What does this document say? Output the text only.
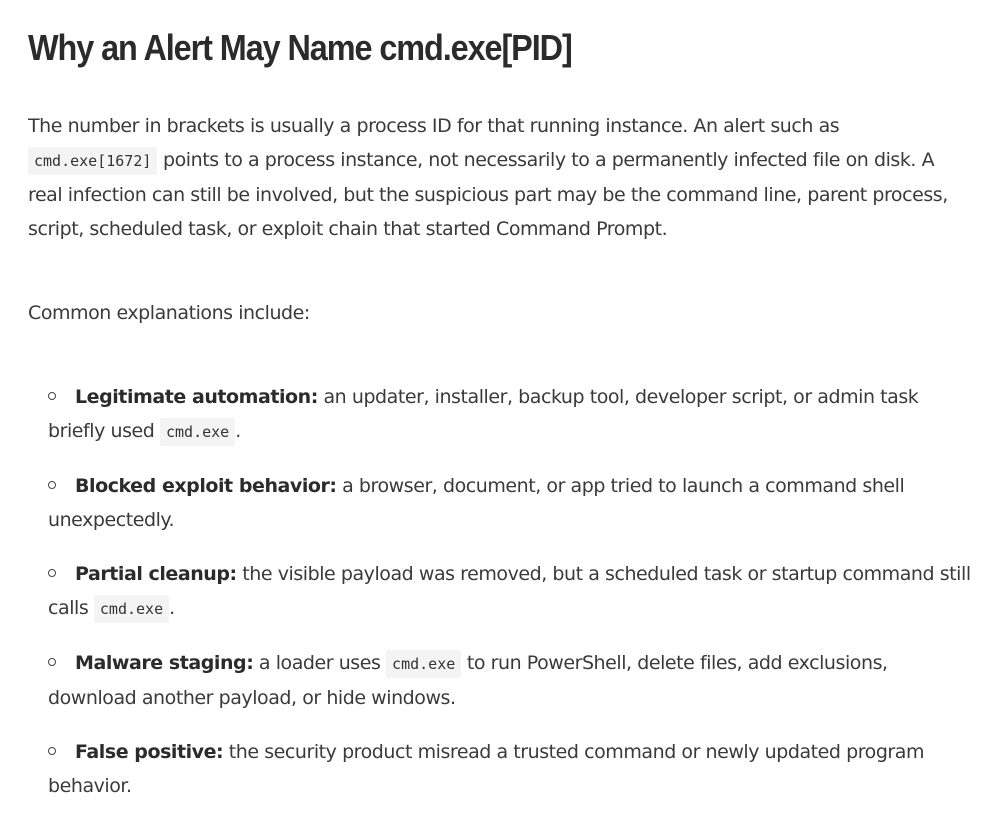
Why an Alert May Name cmd.exe[PID]

The number in brackets is usually a process ID for that running instance. An alert such as cmd.exe[1672] points to a process instance, not necessarily to a permanently infected file on disk. A real infection can still be involved, but the suspicious part may be the command line, parent process, script, scheduled task, or exploit chain that started Command Prompt.

Common explanations include:

Legitimate automation: an updater, installer, backup tool, developer script, or admin task briefly used cmd.exe .
Blocked exploit behavior: a browser, document, or app tried to launch a command shell unexpectedly.
Partial cleanup: the visible payload was removed, but a scheduled task or startup command still calls cmd.exe .
Malware staging: a loader uses cmd.exe to run PowerShell, delete files, add exclusions, download another payload, or hide windows.
False positive: the security product misread a trusted command or newly updated program behavior.
